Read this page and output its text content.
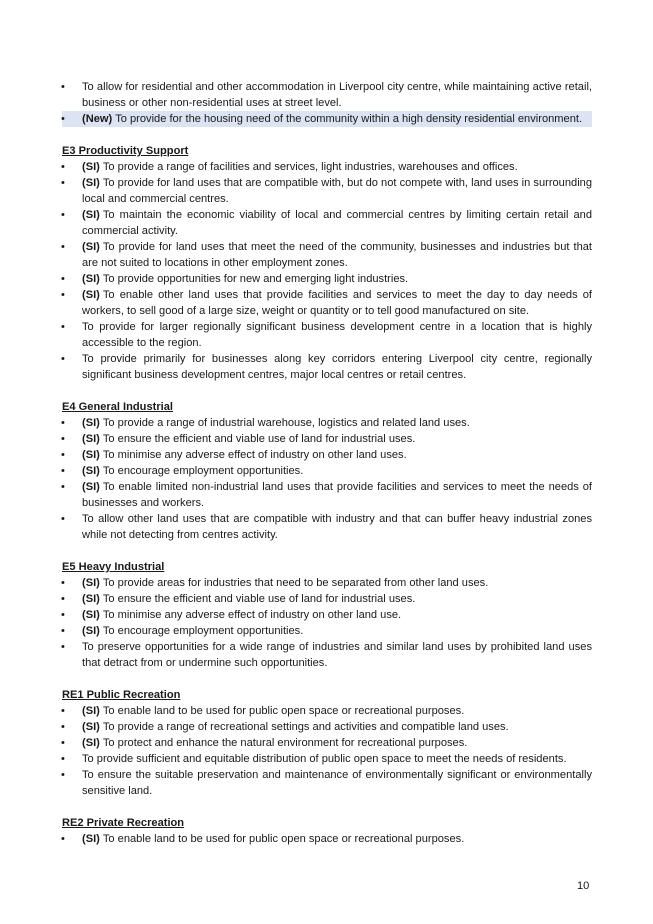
• To allow for residential and other accommodation in Liverpool city centre, while maintaining active retail, business or other non-residential uses at street level.
• (New) To provide for the housing need of the community within a high density residential environment.
E3 Productivity Support
• (SI) To provide a range of facilities and services, light industries, warehouses and offices.
• (SI) To provide for land uses that are compatible with, but do not compete with, land uses in surrounding local and commercial centres.
• (SI) To maintain the economic viability of local and commercial centres by limiting certain retail and commercial activity.
• (SI) To provide for land uses that meet the need of the community, businesses and industries but that are not suited to locations in other employment zones.
• (SI) To provide opportunities for new and emerging light industries.
• (SI) To enable other land uses that provide facilities and services to meet the day to day needs of workers, to sell good of a large size, weight or quantity or to tell good manufactured on site.
• To provide for larger regionally significant business development centre in a location that is highly accessible to the region.
• To provide primarily for businesses along key corridors entering Liverpool city centre, regionally significant business development centres, major local centres or retail centres.
E4 General Industrial
• (SI) To provide a range of industrial warehouse, logistics and related land uses.
• (SI) To ensure the efficient and viable use of land for industrial uses.
• (SI) To minimise any adverse effect of industry on other land uses.
• (SI) To encourage employment opportunities.
• (SI) To enable limited non-industrial land uses that provide facilities and services to meet the needs of businesses and workers.
• To allow other land uses that are compatible with industry and that can buffer heavy industrial zones while not detecting from centres activity.
E5 Heavy Industrial
• (SI) To provide areas for industries that need to be separated from other land uses.
• (SI) To ensure the efficient and viable use of land for industrial uses.
• (SI) To minimise any adverse effect of industry on other land use.
• (SI) To encourage employment opportunities.
• To preserve opportunities for a wide range of industries and similar land uses by prohibited land uses that detract from or undermine such opportunities.
RE1 Public Recreation
• (SI) To enable land to be used for public open space or recreational purposes.
• (SI) To provide a range of recreational settings and activities and compatible land uses.
• (SI) To protect and enhance the natural environment for recreational purposes.
• To provide sufficient and equitable distribution of public open space to meet the needs of residents.
• To ensure the suitable preservation and maintenance of environmentally significant or environmentally sensitive land.
RE2 Private Recreation
• (SI) To enable land to be used for public open space or recreational purposes.
10
